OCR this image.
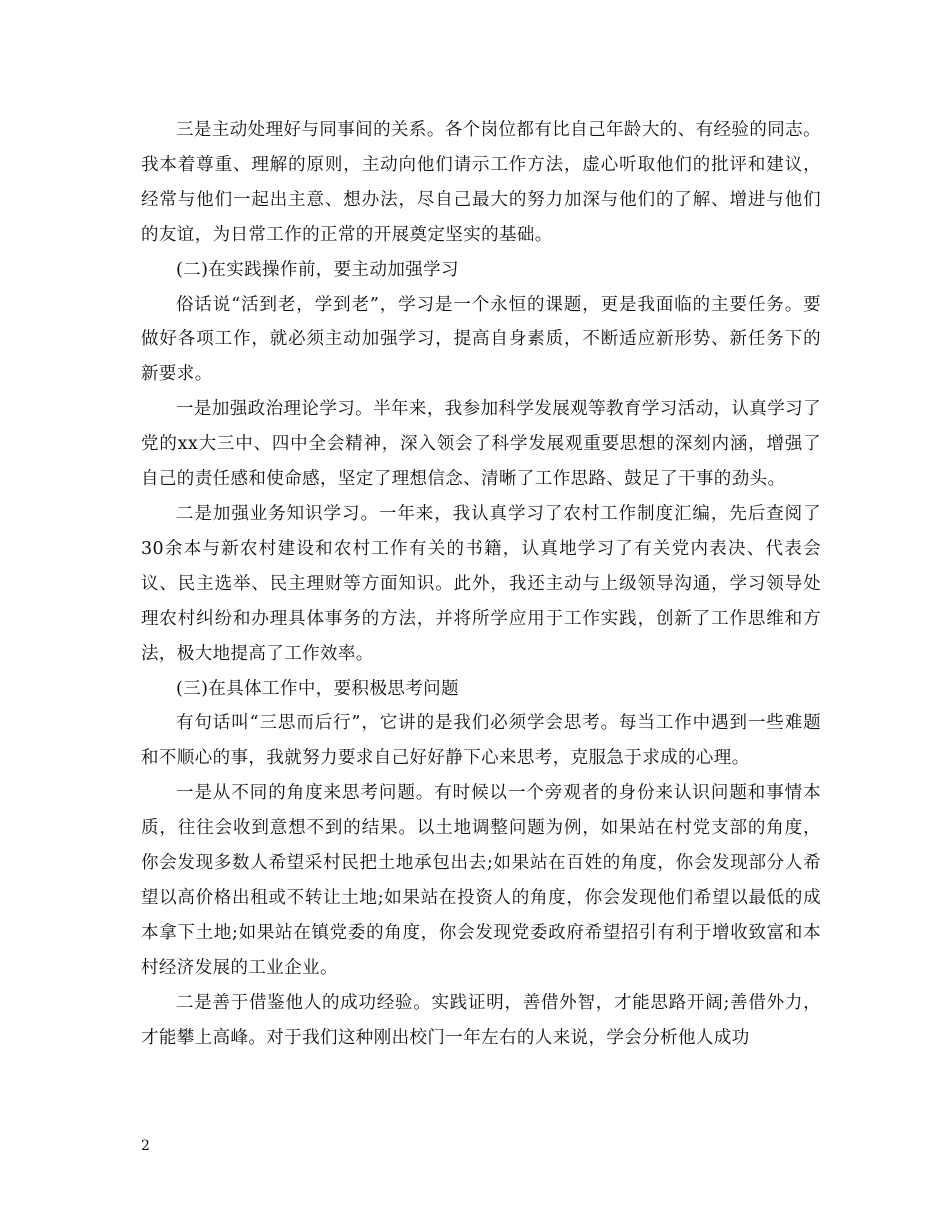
三是主动处理好与同事间的关系。各个岗位都有比自己年龄大的、有经验的同志。我本着尊重、理解的原则，主动向他们请示工作方法，虚心听取他们的批评和建议，经常与他们一起出主意、想办法，尽自己最大的努力加深与他们的了解、增进与他们的友谊，为日常工作的正常的开展奠定坚实的基础。

(二)在实践操作前，要主动加强学习

俗话说“活到老，学到老”，学习是一个永恒的课题，更是我面临的主要任务。要做好各项工作，就必须主动加强学习，提高自身素质，不断适应新形势、新任务下的新要求。

一是加强政治理论学习。半年来，我参加科学发展观等教育学习活动，认真学习了党的xx大三中、四中全会精神，深入领会了科学发展观重要思想的深刻内涵，增强了自己的责任感和使命感，坚定了理想信念、清晰了工作思路、鼓足了干事的劲头。

二是加强业务知识学习。一年来，我认真学习了农村工作制度汇编，先后查阅了30余本与新农村建设和农村工作有关的书籍，认真地学习了有关党内表决、代表会议、民主选举、民主理财等方面知识。此外，我还主动与上级领导沟通，学习领导处理农村纠纷和办理具体事务的方法，并将所学应用于工作实践，创新了工作思维和方法，极大地提高了工作效率。

(三)在具体工作中，要积极思考问题

有句话叫“三思而后行”，它讲的是我们必须学会思考。每当工作中遇到一些难题和不顺心的事，我就努力要求自己好好静下心来思考，克服急于求成的心理。

一是从不同的角度来思考问题。有时候以一个旁观者的身份来认识问题和事情本质，往往会收到意想不到的结果。以土地调整问题为例，如果站在村党支部的角度，你会发现多数人希望采村民把土地承包出去;如果站在百姓的角度，你会发现部分人希望以高价格出租或不转让土地;如果站在投资人的角度，你会发现他们希望以最低的成本拿下土地;如果站在镇党委的角度，你会发现党委政府希望招引有利于增收致富和本村经济发展的工业企业。

二是善于借鉴他人的成功经验。实践证明，善借外智，才能思路开阔;善借外力，才能攀上高峰。对于我们这种刚出校门一年左右的人来说，学会分析他人成功

2
